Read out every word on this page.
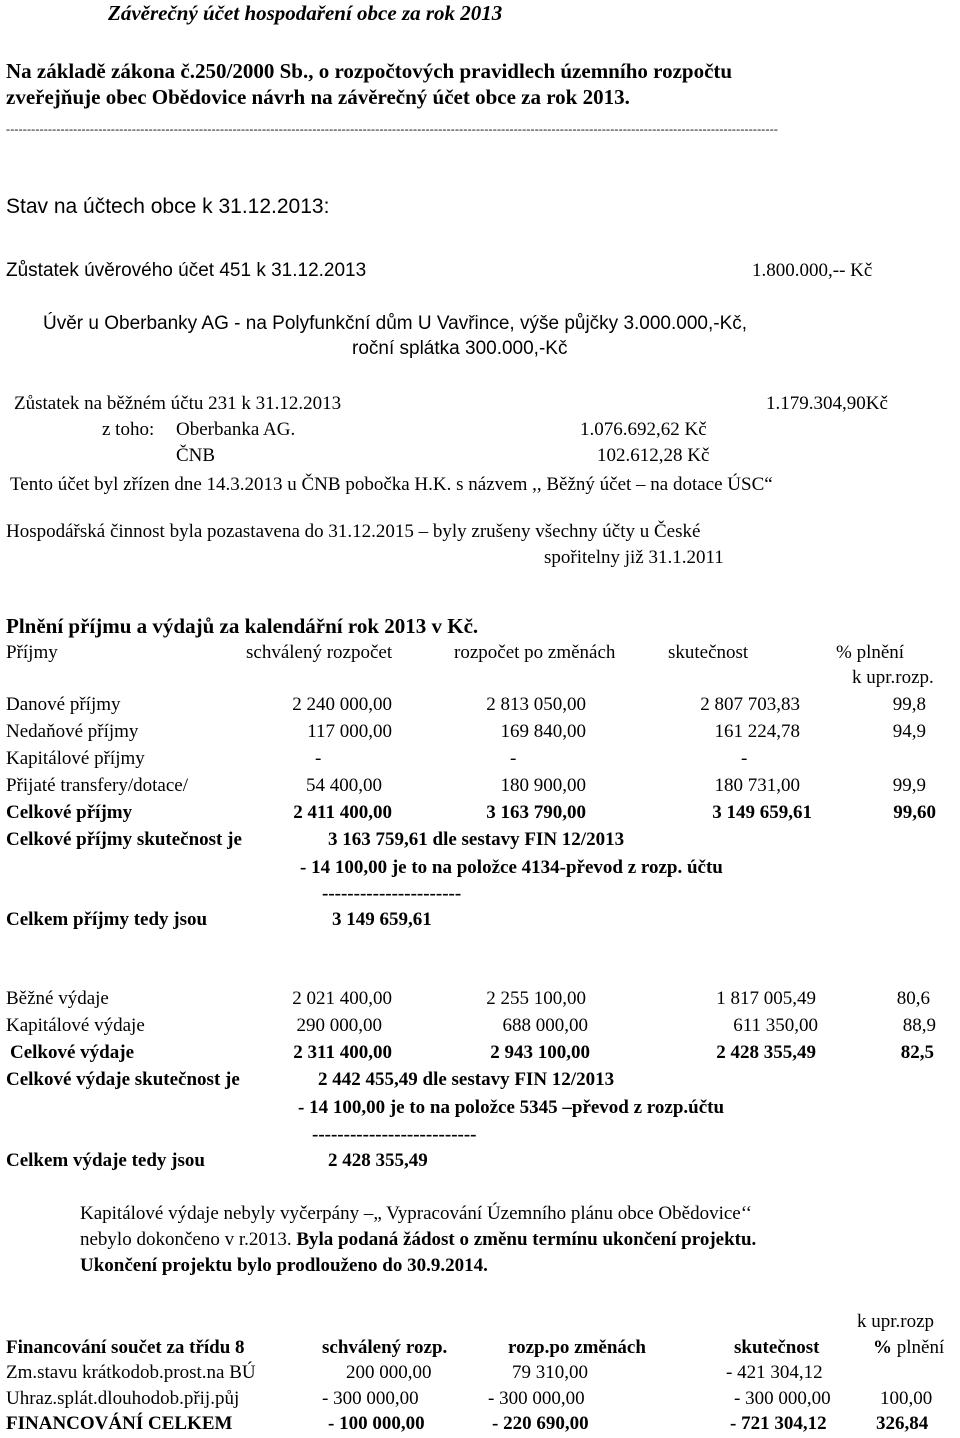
Závěrečný účet hospodaření obce za rok 2013
Na základě zákona č.250/2000 Sb., o rozpočtových pravidlech územního rozpočtu
zveřejňuje obec Obědovice návrh na závěrečný účet obce za rok 2013.
----------------------------------------------------------------------------------------------------------------------------------------------------------------------------------------
Stav na účtech obce k 31.12.2013:
Zůstatek úvěrového účet 451 k 31.12.2013	1.800.000,-- Kč
Úvěr u Oberbanky AG - na Polyfunkční dům U Vavřince, výše půjčky 3.000.000,-Kč,
roční splátka 300.000,-Kč
Zůstatek na běžném účtu 231 k 31.12.2013	1.179.304,90Kč
z toho: Oberbanka AG.	1.076.692,62 Kč
ČNB	102.612,28 Kč
Tento účet byl zřízen dne 14.3.2013 u ČNB pobočka H.K. s názvem ,, Běžný účet – na dotace ÚSC“
Hospodářská činnost byla pozastavena do 31.12.2015 – byly zrušeny všechny účty u České
spořitelny již 31.1.2011
Plnění příjmu a výdajů za kalendářní rok 2013 v Kč.
Příjmy	schválený rozpočet	rozpočet po změnách	skutečnost	% plnění
k upr.rozp.
Danové příjmy	2 240 000,00	2 813 050,00	2 807 703,83	99,8
Nedaňové příjmy	117 000,00	169 840,00	161 224,78	94,9
Kapitálové příjmy	-	-	-
Přijaté transfery/dotace/	54 400,00	180 900,00	180 731,00	99,9
Celkové příjmy	2 411 400,00	3 163 790,00	3 149 659,61	99,60
Celkové příjmy skutečnost je	3 163 759,61 dle sestavy FIN 12/2013
- 14 100,00 je to na položce 4134-převod z rozp. účtu
----------------------
Celkem příjmy tedy jsou	3 149 659,61
Běžné výdaje	2 021 400,00	2 255 100,00	1 817 005,49	80,6
Kapitálové výdaje	290 000,00	688 000,00	611 350,00	88,9
Celkové výdaje	2 311 400,00	2 943 100,00	2 428 355,49	82,5
Celkové výdaje skutečnost je	2 442 455,49 dle sestavy FIN 12/2013
- 14 100,00 je to na položce 5345 –převod z rozp.účtu
--------------------------
Celkem výdaje tedy jsou	2 428 355,49
Kapitálové výdaje nebyly vyčerpány –„ Vypracování Územního plánu obce Obědovice‘‘
nebylo dokončeno v r.2013. Byla podaná žádost o změnu termínu ukončení projektu.
Ukončení projektu bylo prodlouženo do 30.9.2014.
k upr.rozp
Financování součet za třídu 8	schválený rozp.	rozp.po změnách	skutečnost	% plnění
Zm.stavu krátkodob.prost.na BÚ	200 000,00	79 310,00	- 421 304,12
Uhraz.splát.dlouhodob.přij.půj	- 300 000,00	- 300 000,00	- 300 000,00	100,00
FINANCOVÁNÍ CELKEM	- 100 000,00	- 220 690,00	- 721 304,12	326,84
